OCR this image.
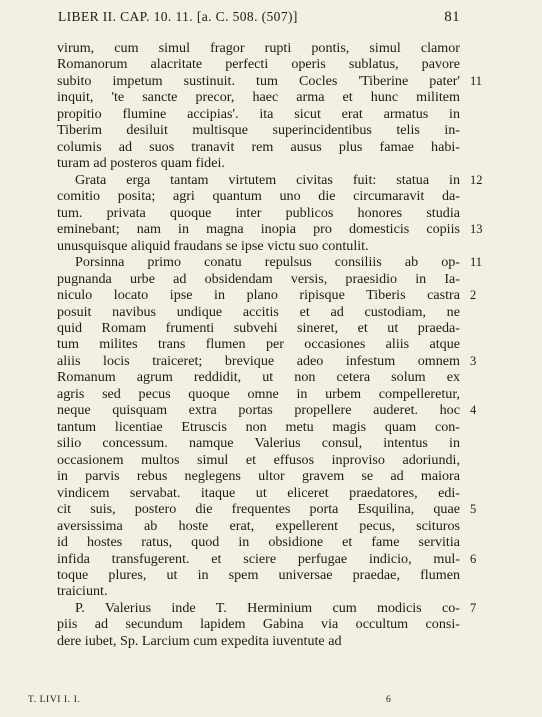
LIBER II. CAP. 10. 11. [a. C. 508. (507)]	81
virum, cum simul fragor rupti pontis, simul clamor
Romanorum alacritate perfecti operis sublatus, pavore
subito impetum sustinuit. tum Cocles 'Tiberine pater'
inquit, 'te sancte precor, haec arma et hunc militem
propitio flumine accipias'. ita sicut erat armatus in
Tiberim desiluit multisque superincidentibus telis in-
columis ad suos tranavit rem ausus plus famae habi-
turam ad posteros quam fidei.
Grata erga tantam virtutem civitas fuit: statua in
comitio posita; agri quantum uno die circumaravit da-
tum. privata quoque inter publicos honores studia
eminebant; nam in magna inopia pro domesticis copiis
unusquisque aliquid fraudans se ipse victu suo contulit.
Porsinna primo conatu repulsus consiliis ab op-
pugnanda urbe ad obsidendam versis, praesidio in Ia-
niculo locato ipse in plano ripisque Tiberis castra
posuit navibus undique accitis et ad custodiam, ne
quid Romam frumenti subvehi sineret, et ut praeda-
tum milites trans flumen per occasiones aliis atque
aliis locis traiceret; brevique adeo infestum omnem
Romanum agrum reddidit, ut non cetera solum ex
agris sed pecus quoque omne in urbem compelleretur,
neque quisquam extra portas propellere auderet. hoc
tantum licentiae Etruscis non metu magis quam con-
silio concessum. namque Valerius consul, intentus in
occasionem multos simul et effusos inproviso adoriundi,
in parvis rebus neglegens ultor gravem se ad maiora
vindicem servabat. itaque ut eliceret praedatores, edi-
cit suis, postero die frequentes porta Esquilina, quae
aversissima ab hoste erat, expellerent pecus, scituros
id hostes ratus, quod in obsidione et fame servitia
infida transfugerent. et sciere perfugae indicio, mul-
toque plures, ut in spem universae praedae, flumen
traiciunt.
P. Valerius inde T. Herminium cum modicis co-
piis ad secundum lapidem Gabina via occultum consi-
dere iubet, Sp. Larcium cum expedita iuventute ad
11
12
13
11
2
3
4
5
6
7
T. LIVI I. I.	6
